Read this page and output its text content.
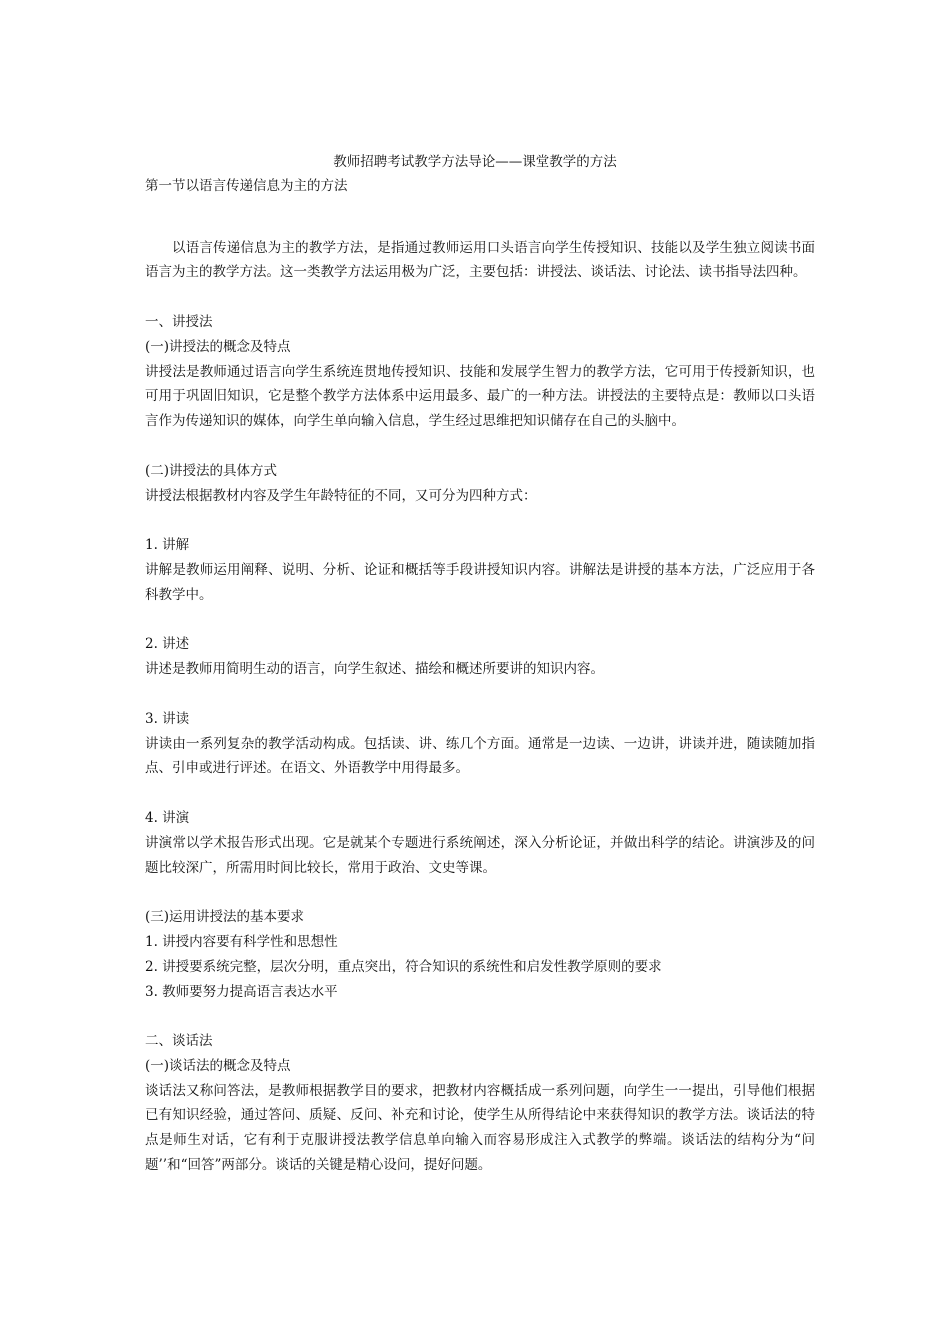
教师招聘考试教学方法导论——课堂教学的方法
第一节以语言传递信息为主的方法

以语言传递信息为主的教学方法，是指通过教师运用口头语言向学生传授知识、技能以及学生独立阅读书面语言为主的教学方法。这一类教学方法运用极为广泛，主要包括：讲授法、谈话法、讨论法、读书指导法四种。

一、讲授法
(一)讲授法的概念及特点

讲授法是教师通过语言向学生系统连贯地传授知识、技能和发展学生智力的教学方法，它可用于传授新知识，也可用于巩固旧知识，它是整个教学方法体系中运用最多、最广的一种方法。讲授法的主要特点是：教师以口头语言作为传递知识的媒体，向学生单向输入信息，学生经过思维把知识储存在自己的头脑中。

(二)讲授法的具体方式

讲授法根据教材内容及学生年龄特征的不同，又可分为四种方式：

1. 讲解

讲解是教师运用阐释、说明、分析、论证和概括等手段讲授知识内容。讲解法是讲授的基本方法，广泛应用于各科教学中。

2. 讲述

讲述是教师用简明生动的语言，向学生叙述、描绘和概述所要讲的知识内容。

3. 讲读

讲读由一系列复杂的教学活动构成。包括读、讲、练几个方面。通常是一边读、一边讲，讲读并进，随读随加指点、引申或进行评述。在语文、外语教学中用得最多。

4. 讲演

讲演常以学术报告形式出现。它是就某个专题进行系统阐述，深入分析论证，并做出科学的结论。讲演涉及的问题比较深广，所需用时间比较长，常用于政治、文史等课。

(三)运用讲授法的基本要求
1. 讲授内容要有科学性和思想性
2. 讲授要系统完整，层次分明，重点突出，符合知识的系统性和启发性教学原则的要求
3. 教师要努力提高语言表达水平
二、谈话法
(一)谈话法的概念及特点

谈话法又称问答法，是教师根据教学目的要求，把教材内容概括成一系列问题，向学生一一提出，引导他们根据已有知识经验，通过答问、质疑、反问、补充和讨论，使学生从所得结论中来获得知识的教学方法。谈话法的特点是师生对话，它有利于克服讲授法教学信息单向输入而容易形成注入式教学的弊端。谈话法的结构分为“问题’’和“回答”两部分。谈话的关键是精心设问，提好问题。
